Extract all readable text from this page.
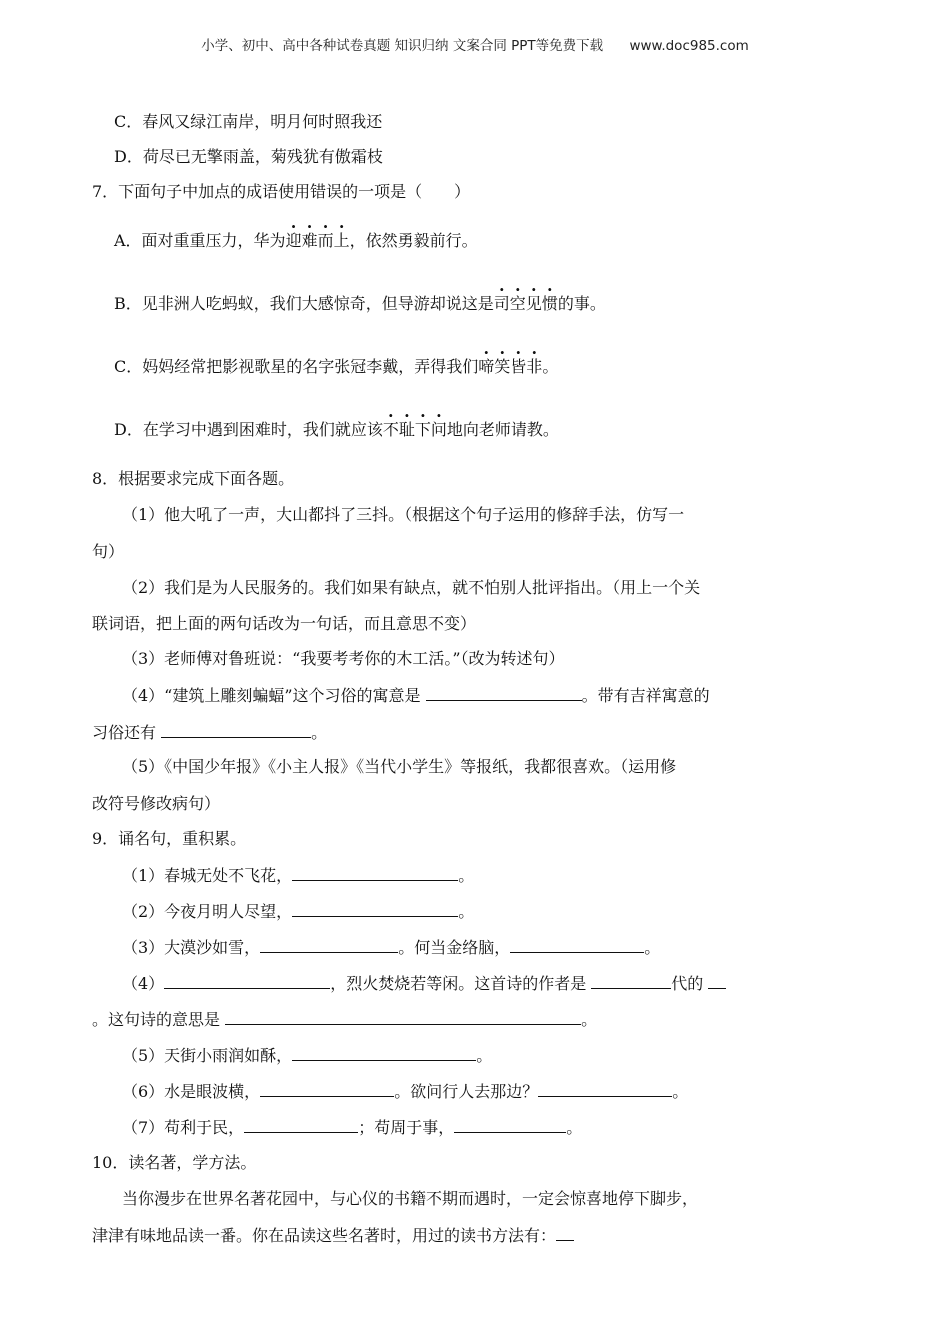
小学、初中、高中各种试卷真题 知识归纳 文案合同 PPT等免费下载 www.doc985.com
C．春风又绿江南岸，明月何时照我还
D．荷尽已无擎雨盖，菊残犹有傲霜枝
7．下面句子中加点的成语使用错误的一项是（　　）
A．面对重重压力，华为迎难而上，依然勇毅前行。
B．见非洲人吃蚂蚁，我们大感惊奇，但导游却说这是司空见惯的事。
C．妈妈经常把影视歌星的名字张冠李戴，弄得我们啼笑皆非。
D．在学习中遇到困难时，我们就应该不耻下问地向老师请教。
8．根据要求完成下面各题。
（1）他大吼了一声，大山都抖了三抖。（根据这个句子运用的修辞手法，仿写一
句）
（2）我们是为人民服务的。我们如果有缺点，就不怕别人批评指出。（用上一个关
联词语，把上面的两句话改为一句话，而且意思不变）
（3）老师傅对鲁班说：“我要考考你的木工活。”（改为转述句）
（4）“建筑上雕刻蝙蝠”这个习俗的寓意是	。带有吉祥寓意的
习俗还有	。
（5）《中国少年报》《小主人报》《当代小学生》等报纸，我都很喜欢。（运用修
改符号修改病句）
9．诵名句，重积累。
（1）春城无处不飞花，	。
（2）今夜月明人尽望，	。
（3）大漠沙如雪，	。何当金络脑，	。
（4）	，烈火焚烧若等闲。这首诗的作者是	代的
。这句诗的意思是	。
（5）天街小雨润如酥，	。
（6）水是眼波横，	。欲问行人去那边？	。
（7）苟利于民，	；苟周于事，	。
10．读名著，学方法。
当你漫步在世界名著花园中，与心仪的书籍不期而遇时，一定会惊喜地停下脚步，
津津有味地品读一番。你在品读这些名著时，用过的读书方法有：
